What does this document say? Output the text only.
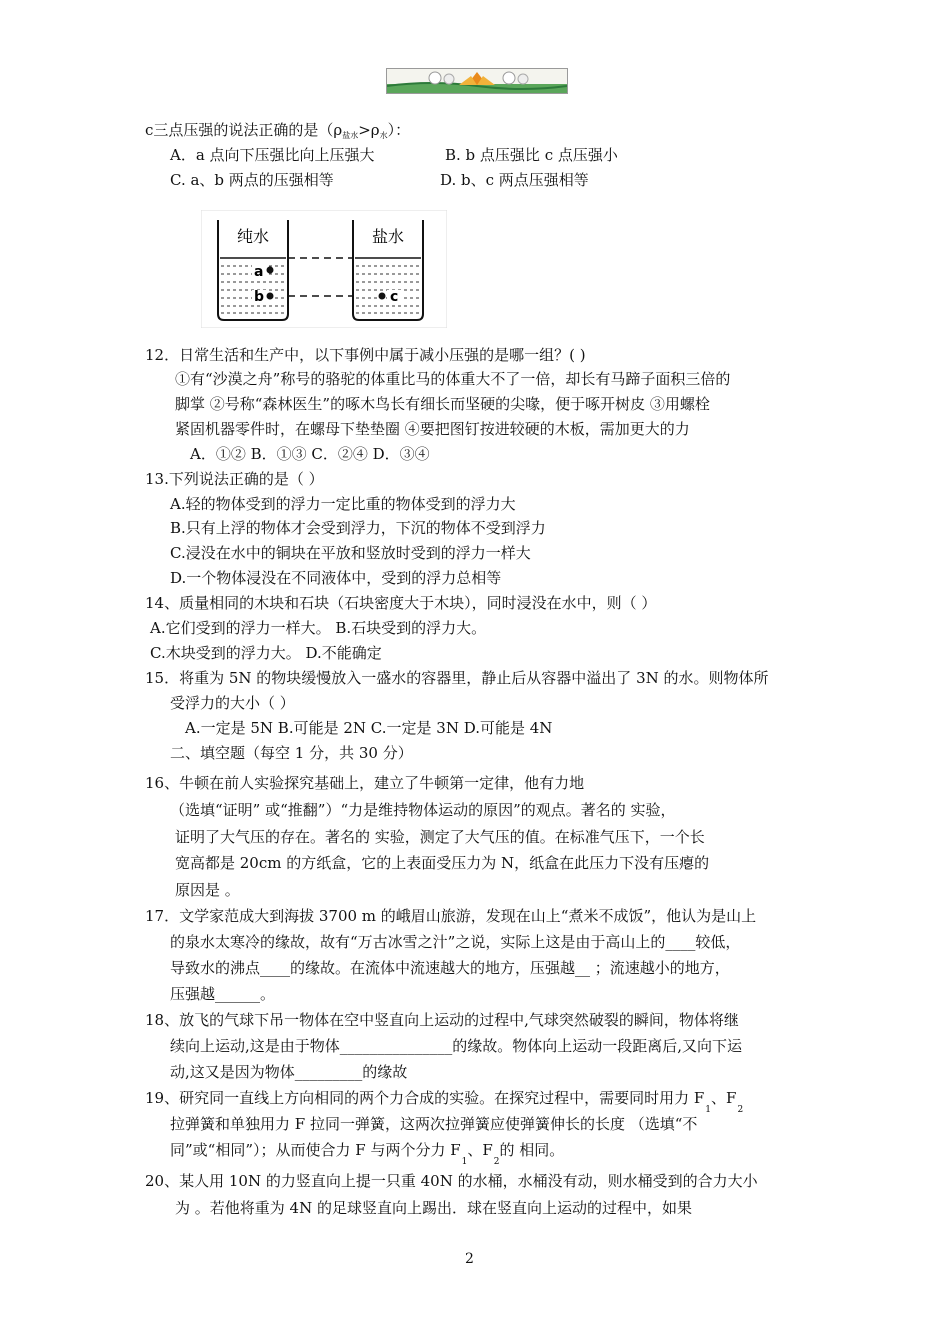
c三点压强的说法正确的是$(\rho_{盐水}>\rho_水)$：
A．a 点向下压强比向上压强大	B. b 点压强比 c 点压强小
C. a、b 两点的压强相等	D. b、c 两点压强相等
纯水	盐水
a
b	c
12．日常生活和生产中，以下事例中属于减小压强的是哪一组？( )
①有“沙漠之舟”称号的骆驼的体重比马的体重大不了一倍，却长有马蹄子面积三倍的
脚掌 ②号称“森林医生”的啄木鸟长有细长而坚硬的尖喙，便于啄开树皮 ③用螺栓
紧固机器零件时，在螺母下垫垫圈 ④要把图钉按进较硬的木板，需加更大的力
A．①② B．①③ C．②④ D．③④
13.下列说法正确的是（ ）
A.轻的物体受到的浮力一定比重的物体受到的浮力大
B.只有上浮的物体才会受到浮力，下沉的物体不受到浮力
C.浸没在水中的铜块在平放和竖放时受到的浮力一样大
D.一个物体浸没在不同液体中，受到的浮力总相等
14、质量相同的木块和石块（石块密度大于木块），同时浸没在水中，则（ ）
A.它们受到的浮力一样大。 B.石块受到的浮力大。
C.木块受到的浮力大。 D.不能确定
15．将重为 5N 的物块缓慢放入一盛水的容器里，静止后从容器中溢出了 3N 的水。则物体所
受浮力的大小（ ）
A.一定是 5N B.可能是 2N C.一定是 3N D.可能是 4N
二、填空题（每空 1 分，共 30 分）
16、牛顿在前人实验探究基础上，建立了牛顿第一定律，他有力地
（选填“证明” 或“推翻”）“力是维持物体运动的原因”的观点。著名的 实验，
证明了大气压的存在。著名的 实验，测定了大气压的值。在标准气压下，一个长
宽高都是 20cm 的方纸盒，它的上表面受压力为 N，纸盒在此压力下没有压瘪的
原因是 。
17．文学家范成大到海拔 3700 m 的峨眉山旅游，发现在山上“煮米不成饭”，他认为是山上
的泉水太寒冷的缘故，故有“万古冰雪之汁”之说，实际上这是由于高山上的____较低，
导致水的沸点____的缘故。在流体中流速越大的地方，压强越__ ；流速越小的地方，
压强越______。
18、放飞的气球下吊一物体在空中竖直向上运动的过程中,气球突然破裂的瞬间，物体将继
续向上运动,这是由于物体_______________的缘故。物体向上运动一段距离后,又向下运
动,这又是因为物体_________的缘故
19、研究同一直线上方向相同的两个力合成的实验。在探究过程中，需要同时用力 $F_1$、$F_2$
拉弹簧和单独用力 F 拉同一弹簧，这两次拉弹簧应使弹簧伸长的长度 （选填“不
同”或“相同”）；从而使合力 F 与两个分力 $F_1$、$F_2$的 相同。
20、某人用 10N 的力竖直向上提一只重 40N 的水桶，水桶没有动，则水桶受到的合力大小
为 。若他将重为 4N 的足球竖直向上踢出．球在竖直向上运动的过程中，如果
2
